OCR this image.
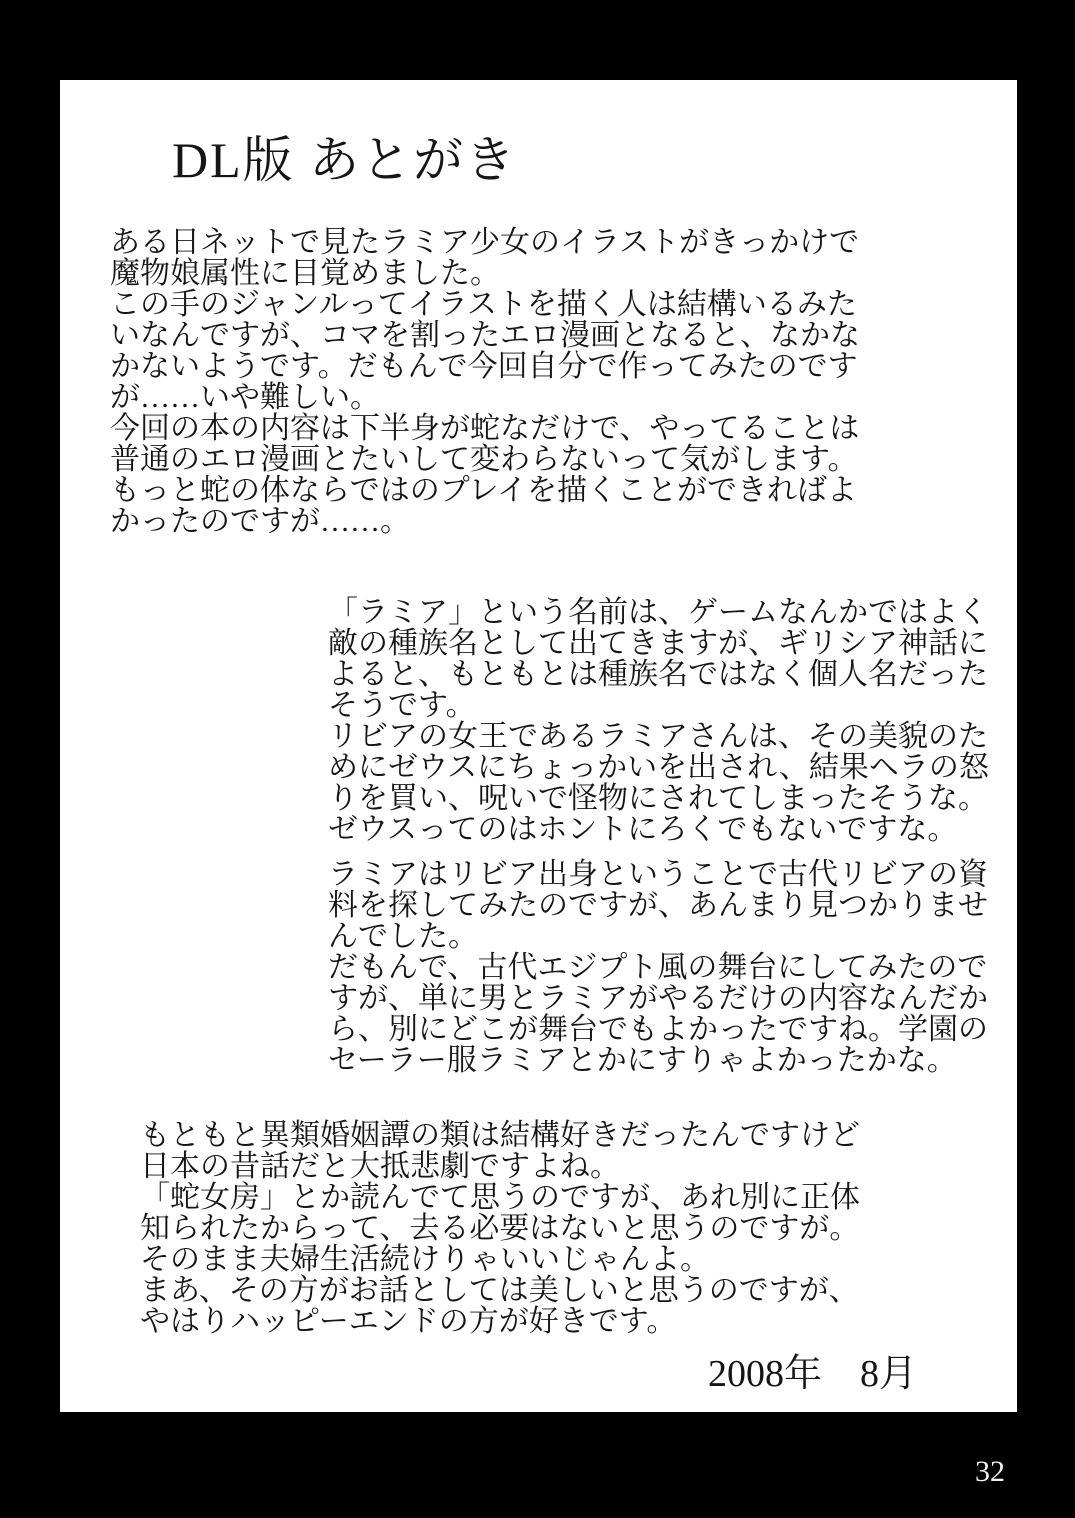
DL版 あとがき
ある日ネットで見たラミア少女のイラストがきっかけで
魔物娘属性に目覚めました。
この手のジャンルってイラストを描く人は結構いるみた
いなんですが、コマを割ったエロ漫画となると、なかな
かないようです。だもんで今回自分で作ってみたのです
が……いや難しい。
今回の本の内容は下半身が蛇なだけで、やってることは
普通のエロ漫画とたいして変わらないって気がします。
もっと蛇の体ならではのプレイを描くことができればよ
かったのですが……。
「ラミア」という名前は、ゲームなんかではよく
敵の種族名として出てきますが、ギリシア神話に
よると、もともとは種族名ではなく個人名だった
そうです。
リビアの女王であるラミアさんは、その美貌のた
めにゼウスにちょっかいを出され、結果ヘラの怒
りを買い、呪いで怪物にされてしまったそうな。
ゼウスってのはホントにろくでもないですな。
ラミアはリビア出身ということで古代リビアの資
料を探してみたのですが、あんまり見つかりませ
んでした。
だもんで、古代エジプト風の舞台にしてみたので
すが、単に男とラミアがやるだけの内容なんだか
ら、別にどこが舞台でもよかったですね。学園の
セーラー服ラミアとかにすりゃよかったかな。
もともと異類婚姻譚の類は結構好きだったんですけど
日本の昔話だと大抵悲劇ですよね。
「蛇女房」とか読んでて思うのですが、あれ別に正体
知られたからって、去る必要はないと思うのですが。
そのまま夫婦生活続けりゃいいじゃんよ。
まあ、その方がお話としては美しいと思うのですが、
やはりハッピーエンドの方が好きです。
2008年　8月
32
